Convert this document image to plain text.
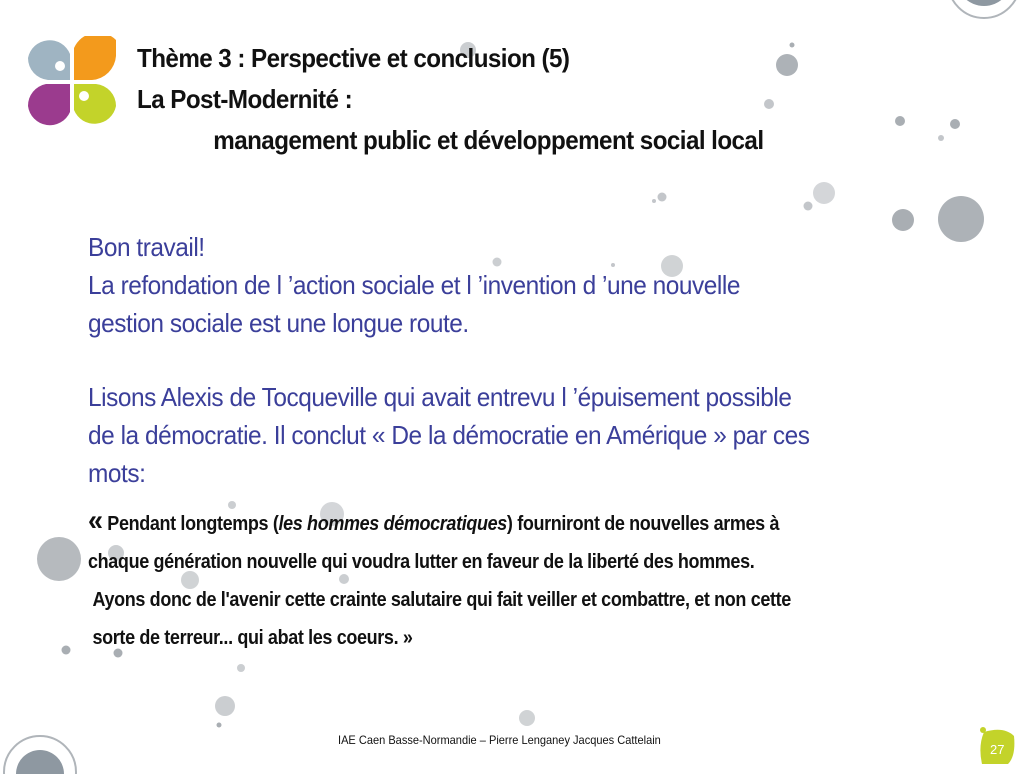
Thème 3 : Perspective et conclusion (5)
La Post-Modernité :
management public et développement social local

Bon travail!

La refondation de l ’action sociale et l ’invention d ’une nouvelle

gestion sociale est une longue route.

Lisons Alexis de Tocqueville qui avait entrevu l ’épuisement possible

de la démocratie. Il conclut « De la démocratie en Amérique » par ces

mots:

« Pendant longtemps (les hommes démocratiques) fourniront de nouvelles armes à
chaque génération nouvelle qui voudra lutter en faveur de la liberté des hommes.

Ayons donc de l'avenir cette crainte salutaire qui fait veiller et combattre, et non cette
sorte de terreur... qui abat les coeurs. »
IAE Caen Basse-Normandie – Pierre Lenganey Jacques Cattelain
27
